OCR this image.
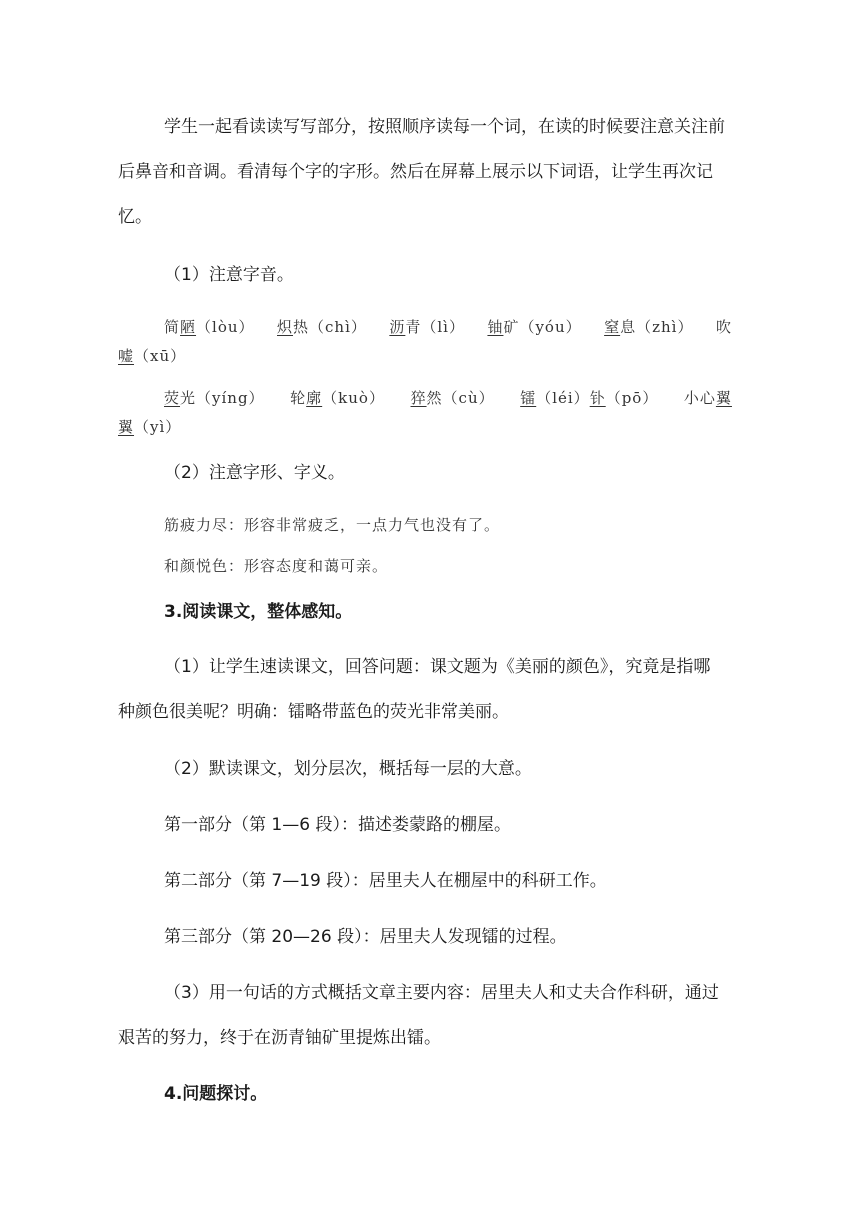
学生一起看读读写写部分，按照顺序读每一个词，在读的时候要注意关注前
后鼻音和音调。看清每个字的字形。然后在屏幕上展示以下词语，让学生再次记
忆。
（1）注意字音。
简陋（lòu） 炽热（chì） 沥青（lì） 铀矿（yóu） 窒息（zhì） 吹
嘘（xū）
荧光（yíng） 轮廓（kuò） 猝然（cù） 镭（léi）钋（pō） 小心翼
翼（yì）
（2）注意字形、字义。
筋疲力尽：形容非常疲乏，一点力气也没有了。
和颜悦色：形容态度和蔼可亲。
3.阅读课文，整体感知。
（1）让学生速读课文，回答问题：课文题为《美丽的颜色》，究竟是指哪
种颜色很美呢？明确：镭略带蓝色的荧光非常美丽。
（2）默读课文，划分层次，概括每一层的大意。
第一部分（第 1—6 段）：描述娄蒙路的棚屋。
第二部分（第 7—19 段）：居里夫人在棚屋中的科研工作。
第三部分（第 20—26 段）：居里夫人发现镭的过程。
（3）用一句话的方式概括文章主要内容：居里夫人和丈夫合作科研，通过
艰苦的努力，终于在沥青铀矿里提炼出镭。
4.问题探讨。
